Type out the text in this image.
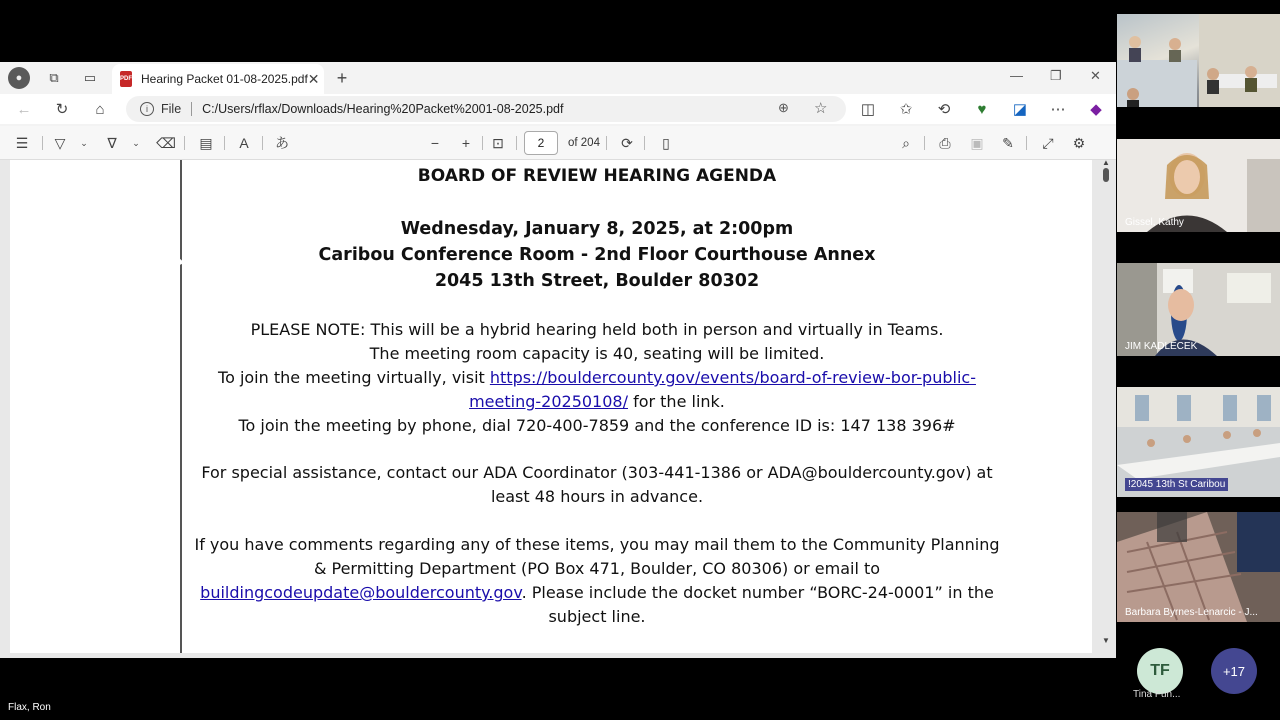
●	⧉	▭	PDF Hearing Packet 01-08-2025.pdf ✕ +	— ❐ ✕
← ↻	⌂	i	File C:/Users/rflax/Downloads/Hearing%20Packet%2001-08-2025.pdf	⊕ ☆ ◫ ✩ ⟲	♥	◪ ⋯ ◆
☰	▽	⌄	∇	⌄	⌫ ▤	A	あ	−	+	⊡	2	of 204 ⟳	▯	⌕	⎙	▣ ✎	⤢	⚙
BOARD OF REVIEW HEARING AGENDA
Wednesday, January 8, 2025, at 2:00pm
Caribou Conference Room - 2nd Floor Courthouse Annex
2045 13th Street, Boulder 80302
PLEASE NOTE: This will be a hybrid hearing held both in person and virtually in Teams.
The meeting room capacity is 40, seating will be limited.
To join the meeting virtually, visit https://bouldercounty.gov/events/board-of-review-bor-public-
meeting-20250108/ for the link.
To join the meeting by phone, dial 720-400-7859 and the conference ID is: 147 138 396#
For special assistance, contact our ADA Coordinator (303-441-1386 or ADA@bouldercounty.gov) at
least 48 hours in advance.
If you have comments regarding any of these items, you may mail them to the Community Planning
& Permitting Department (PO Box 471, Boulder, CO 80306) or email to
buildingcodeupdate@bouldercounty.gov. Please include the docket number “BORC-24-0001” in the
subject line.
▲
▼
Gissel, Kathy
JIM KADLECEK
!2045 13th St Caribou
Barbara Byrnes-Lenarcic - J...
TF
Tina Fun...
+17
Flax, Ron
